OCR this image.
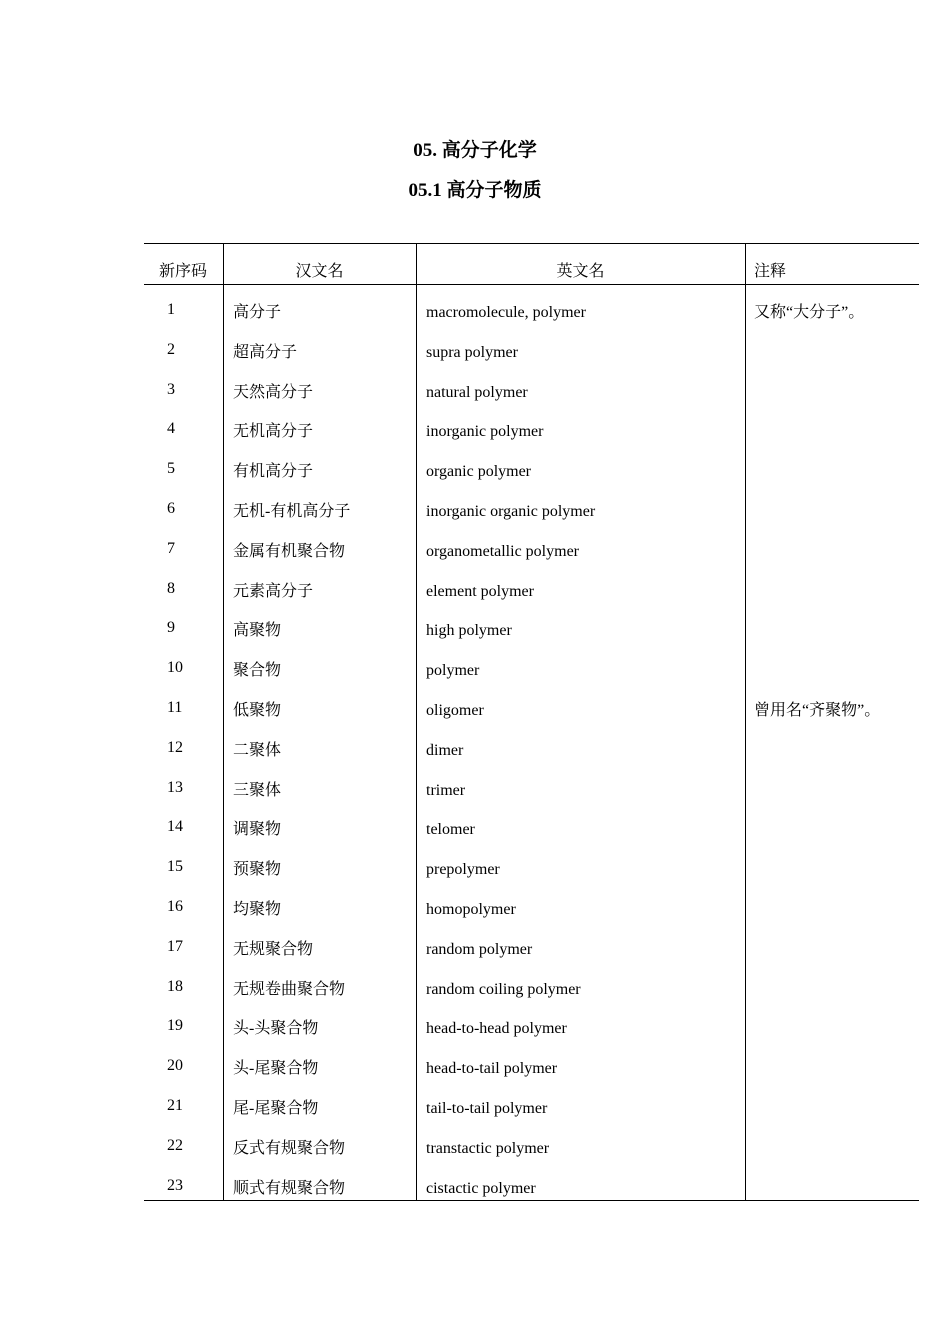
05. 高分子化学
05.1 高分子物质
新序码	汉文名	英文名	注释
1	高分子	macromolecule, polymer	又称“大分子”。
2	超高分子	supra polymer
3	天然高分子	natural polymer
4	无机高分子	inorganic polymer
5	有机高分子	organic polymer
6	无机-有机高分子	inorganic organic polymer
7	金属有机聚合物	organometallic polymer
8	元素高分子	element polymer
9	高聚物	high polymer
10	聚合物	polymer
11	低聚物	oligomer	曾用名“齐聚物”。
12	二聚体	dimer
13	三聚体	trimer
14	调聚物	telomer
15	预聚物	prepolymer
16	均聚物	homopolymer
17	无规聚合物	random polymer
18	无规卷曲聚合物	random coiling polymer
19	头-头聚合物	head-to-head polymer
20	头-尾聚合物	head-to-tail polymer
21	尾-尾聚合物	tail-to-tail polymer
22	反式有规聚合物	transtactic polymer
23	顺式有规聚合物	cistactic polymer
